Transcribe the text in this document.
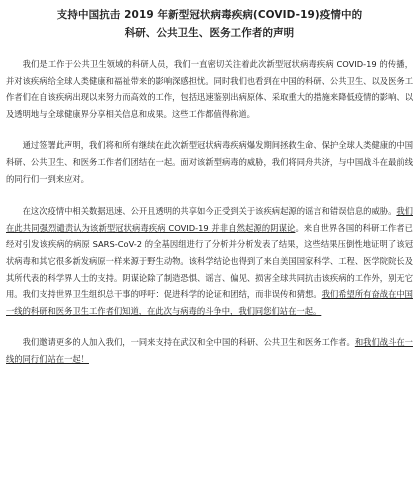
支持中国抗击 2019 年新型冠状病毒疾病(COVID-19)疫情中的
科研、公共卫生、医务工作者的声明

我们是工作于公共卫生领域的科研人员，我们一直密切关注着此次新型冠状病毒疾病 COVID-19 的传播，并对该疾病给全球人类健康和福祉带来的影响深感担忧。同时我们也看到在中国的科研、公共卫生、以及医务工作者们在自该疾病出现以来努力而高效的工作，包括迅速鉴别出病原体、采取重大的措施来降低疫情的影响、以及透明地与全球健康界分享相关信息和成果。这些工作都值得称道。

通过签署此声明，我们将和所有继续在此次新型冠状病毒疾病爆发期间拯救生命、保护全球人类健康的中国科研、公共卫生、和医务工作者们团结在一起。面对该新型病毒的威胁，我们将同舟共济，与中国战斗在最前线的同行们一到来应对。

在这次疫情中相关数据迅速、公开且透明的共享如今正受到关于该疾病起源的谣言和错误信息的威胁。我们在此共同强烈谴责认为该新型冠状病毒疾病 COVID-19 并非自然起源的阴谋论。来自世界各国的科研工作者已经对引发该疾病的病原 SARS-CoV-2 的全基因组进行了分析并分析发表了结果，这些结果压倒性地证明了该冠状病毒和其它很多新发病原一样来源于野生动物。该科学结论也得到了来自美国国家科学、工程、医学院院长及其所代表的科学界人士的支持。阴谋论除了制造恐惧、谣言、偏见、损害全球共同抗击该疾病的工作外，别无它用。我们支持世界卫生组织总干事的呼吁：促进科学的论证和团结，而非误传和猜想。我们希望所有奋战在中国一线的科研和医务卫生工作者们知道，在此次与病毒的斗争中，我们同您们站在一起。

我们邀请更多的人加入我们，一同来支持在武汉和全中国的科研、公共卫生和医务工作者。和我们战斗在一线的同行们站在一起！
